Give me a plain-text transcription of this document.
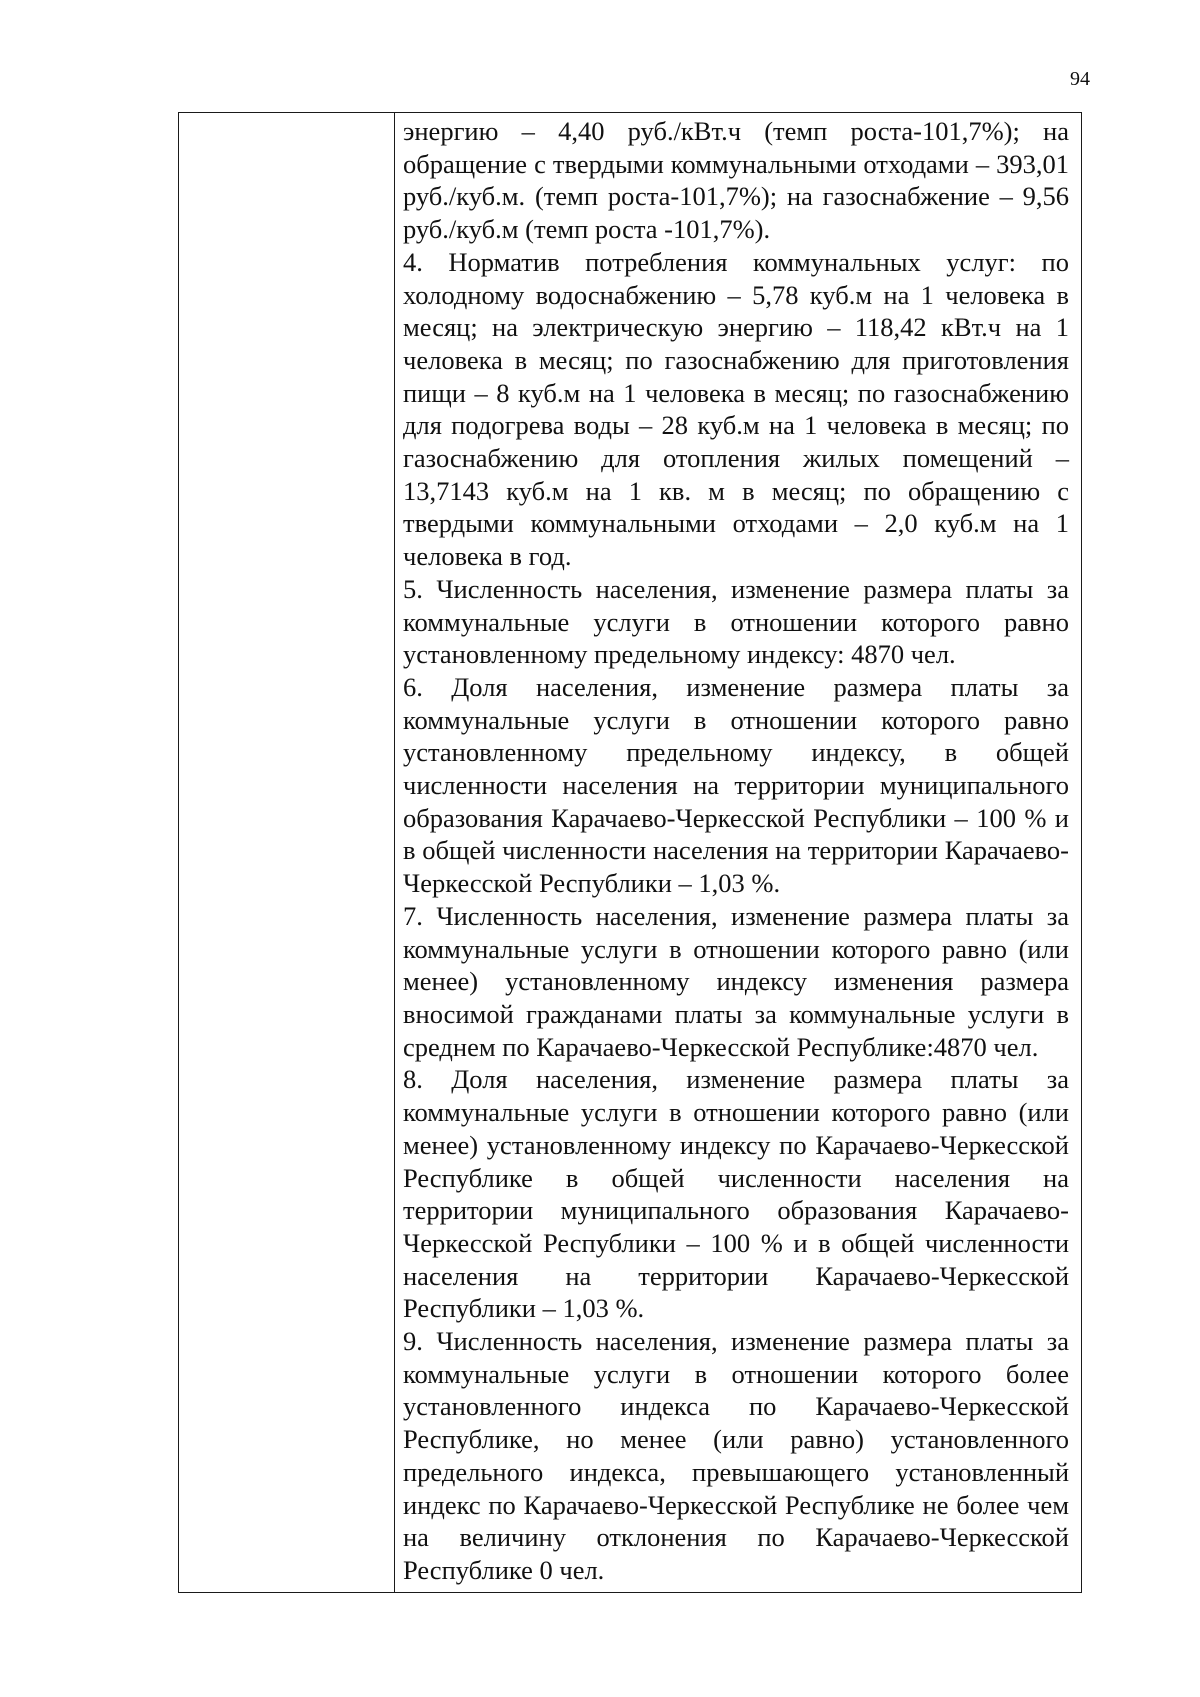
94

энергию – 4,40 руб./кВт.ч (темп роста-101,7%); на обращение с твердыми коммунальными отходами – 393,01 руб./куб.м. (темп роста-101,7%); на газоснабжение – 9,56 руб./куб.м (темп роста -101,7%).

4. Норматив потребления коммунальных услуг: по холодному водоснабжению – 5,78 куб.м на 1 человека в месяц; на электрическую энергию – 118,42 кВт.ч на 1 человека в месяц; по газоснабжению для приготовления пищи – 8 куб.м на 1 человека в месяц; по газоснабжению для подогрева воды – 28 куб.м на 1 человека в месяц; по газоснабжению для отопления жилых помещений – 13,7143 куб.м на 1 кв. м в месяц; по обращению с твердыми коммунальными отходами – 2,0 куб.м на 1 человека в год.

5. Численность населения, изменение размера платы за коммунальные услуги в отношении которого равно установленному предельному индексу: 4870 чел.

6. Доля населения, изменение размера платы за коммунальные услуги в отношении которого равно установленному предельному индексу, в общей численности населения на территории муниципального образования Карачаево-Черкесской Республики – 100 % и в общей численности населения на территории Карачаево-Черкесской Республики – 1,03 %.

7. Численность населения, изменение размера платы за коммунальные услуги в отношении которого равно (или менее) установленному индексу изменения размера вносимой гражданами платы за коммунальные услуги в среднем по Карачаево-Черкесской Республике:4870 чел.

8. Доля населения, изменение размера платы за коммунальные услуги в отношении которого равно (или менее) установленному индексу по Карачаево-Черкесской Республике в общей численности населения на территории муниципального образования Карачаево-Черкесской Республики – 100 % и в общей численности населения на территории Карачаево-Черкесской Республики – 1,03 %.

9. Численность населения, изменение размера платы за коммунальные услуги в отношении которого более установленного индекса по Карачаево-Черкесской Республике, но менее (или равно) установленного предельного индекса, превышающего установленный индекс по Карачаево-Черкесской Республике не более чем на величину отклонения по Карачаево-Черкесской Республике 0 чел.
